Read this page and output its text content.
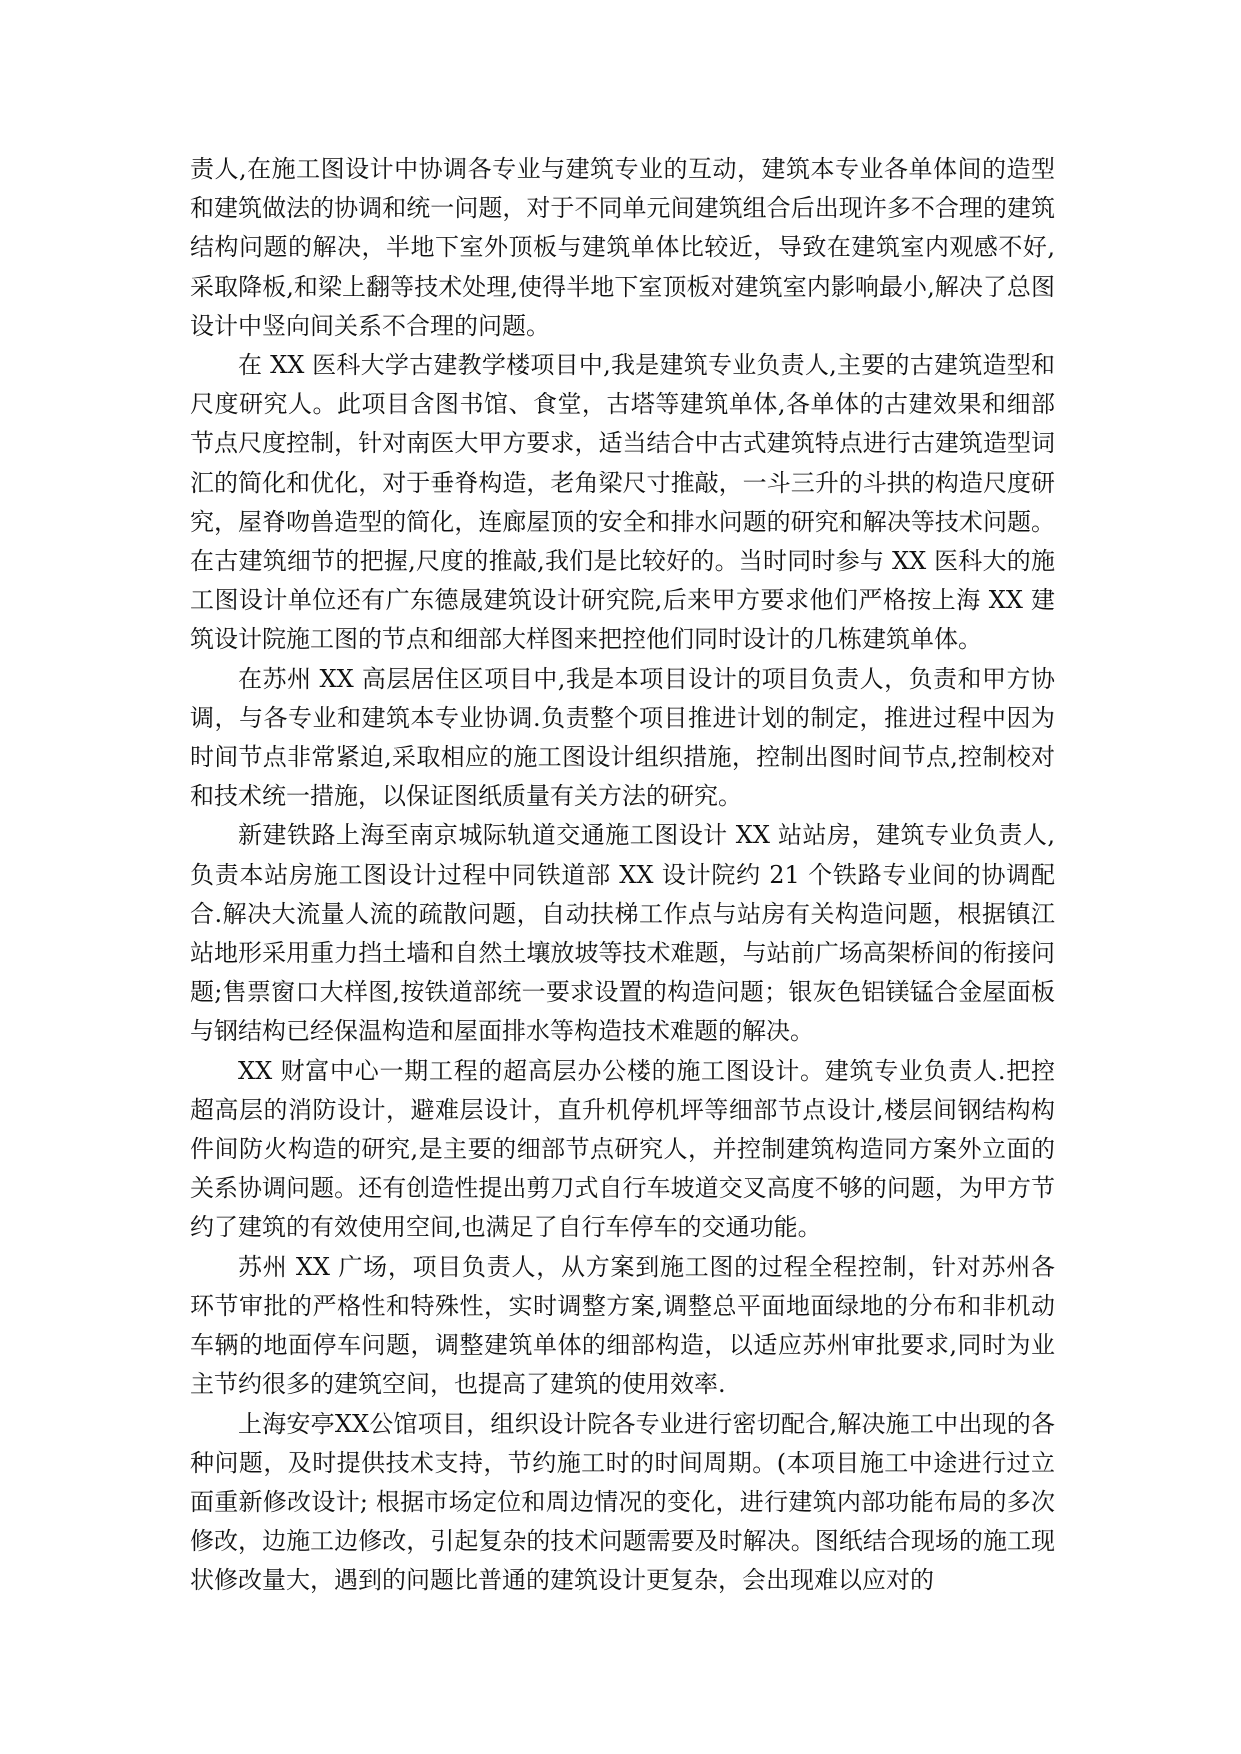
责人,在施工图设计中协调各专业与建筑专业的互动，建筑本专业各单体间的造型和建筑做法的协调和统一问题，对于不同单元间建筑组合后出现许多不合理的建筑结构问题的解决，半地下室外顶板与建筑单体比较近，导致在建筑室内观感不好,采取降板,和梁上翻等技术处理,使得半地下室顶板对建筑室内影响最小,解决了总图设计中竖向间关系不合理的问题。

在 XX 医科大学古建教学楼项目中,我是建筑专业负责人,主要的古建筑造型和尺度研究人。此项目含图书馆、食堂，古塔等建筑单体,各单体的古建效果和细部节点尺度控制，针对南医大甲方要求，适当结合中古式建筑特点进行古建筑造型词汇的简化和优化，对于垂脊构造，老角梁尺寸推敲，一斗三升的斗拱的构造尺度研究，屋脊吻兽造型的简化，连廊屋顶的安全和排水问题的研究和解决等技术问题。在古建筑细节的把握,尺度的推敲,我们是比较好的。当时同时参与 XX 医科大的施工图设计单位还有广东德晟建筑设计研究院,后来甲方要求他们严格按上海 XX 建筑设计院施工图的节点和细部大样图来把控他们同时设计的几栋建筑单体。

在苏州 XX 高层居住区项目中,我是本项目设计的项目负责人，负责和甲方协调，与各专业和建筑本专业协调.负责整个项目推进计划的制定，推进过程中因为时间节点非常紧迫,采取相应的施工图设计组织措施，控制出图时间节点,控制校对和技术统一措施，以保证图纸质量有关方法的研究。

新建铁路上海至南京城际轨道交通施工图设计 XX 站站房，建筑专业负责人,负责本站房施工图设计过程中同铁道部 XX 设计院约 21 个铁路专业间的协调配合.解决大流量人流的疏散问题，自动扶梯工作点与站房有关构造问题，根据镇江站地形采用重力挡土墙和自然土壤放坡等技术难题，与站前广场高架桥间的衔接问题;售票窗口大样图,按铁道部统一要求设置的构造问题；银灰色铝镁锰合金屋面板与钢结构已经保温构造和屋面排水等构造技术难题的解决。

XX 财富中心一期工程的超高层办公楼的施工图设计。建筑专业负责人.把控超高层的消防设计，避难层设计，直升机停机坪等细部节点设计,楼层间钢结构构件间防火构造的研究,是主要的细部节点研究人，并控制建筑构造同方案外立面的关系协调问题。还有创造性提出剪刀式自行车坡道交叉高度不够的问题，为甲方节约了建筑的有效使用空间,也满足了自行车停车的交通功能。

苏州 XX 广场，项目负责人，从方案到施工图的过程全程控制，针对苏州各环节审批的严格性和特殊性，实时调整方案,调整总平面地面绿地的分布和非机动车辆的地面停车问题，调整建筑单体的细部构造，以适应苏州审批要求,同时为业主节约很多的建筑空间，也提高了建筑的使用效率.

上海安亭XX公馆项目，组织设计院各专业进行密切配合,解决施工中出现的各种问题，及时提供技术支持，节约施工时的时间周期。(本项目施工中途进行过立面重新修改设计; 根据市场定位和周边情况的变化，进行建筑内部功能布局的多次修改，边施工边修改，引起复杂的技术问题需要及时解决。图纸结合现场的施工现状修改量大，遇到的问题比普通的建筑设计更复杂，会出现难以应对的
